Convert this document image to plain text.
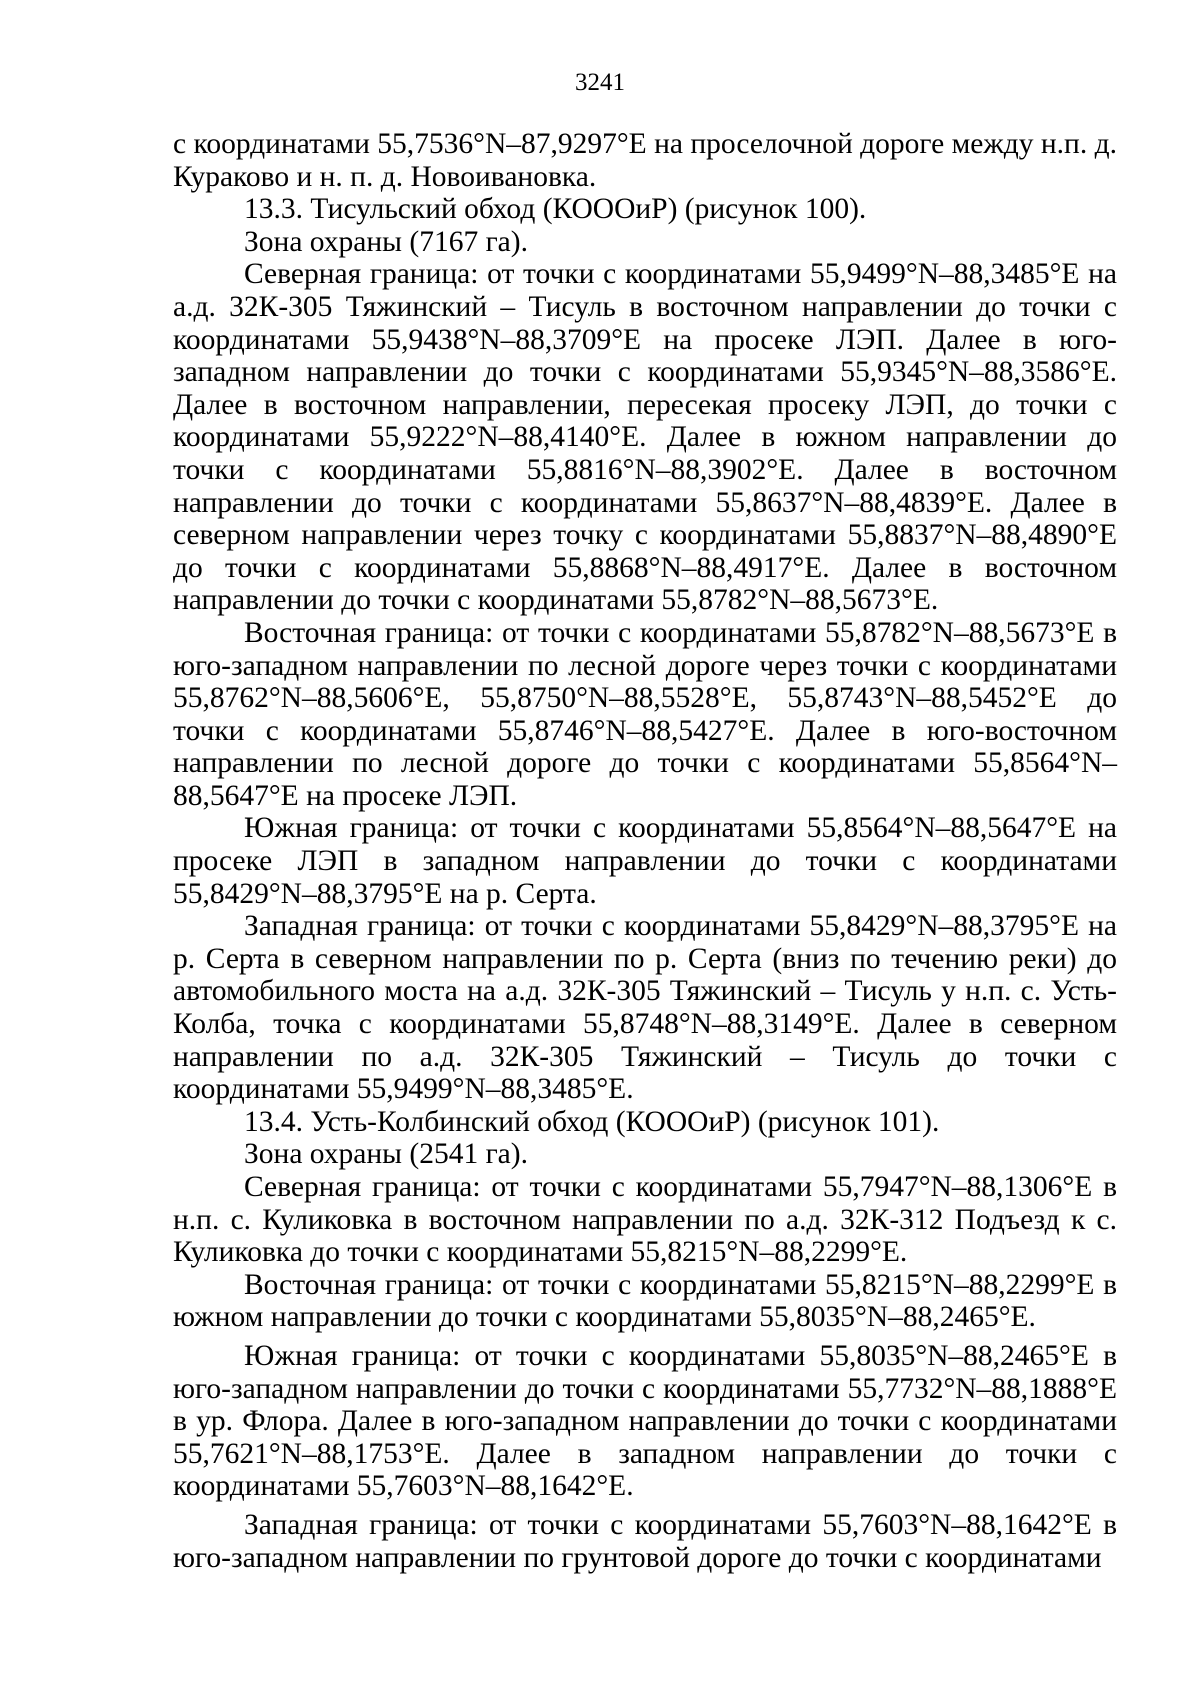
3241

с координатами 55,7536°N–87,9297°E на проселочной дороге между н.п. д. Кураково и н. п. д. Новоивановка.

13.3. Тисульский обход (КОООиР) (рисунок 100).

Зона охраны (7167 га).

Северная граница: от точки с координатами 55,9499°N–88,3485°E на а.д. 32К-305 Тяжинский – Тисуль в восточном направлении до точки с координатами 55,9438°N–88,3709°E на просеке ЛЭП. Далее в юго-западном направлении до точки с координатами 55,9345°N–88,3586°E. Далее в восточном направлении, пересекая просеку ЛЭП, до точки с координатами 55,9222°N–88,4140°E. Далее в южном направлении до точки с координатами 55,8816°N–88,3902°E. Далее в восточном направлении до точки с координатами 55,8637°N–88,4839°E. Далее в северном направлении через точку с координатами 55,8837°N–88,4890°E до точки с координатами 55,8868°N–88,4917°E. Далее в восточном направлении до точки с координатами 55,8782°N–88,5673°E.

Восточная граница: от точки с координатами 55,8782°N–88,5673°E в юго-западном направлении по лесной дороге через точки с координатами 55,8762°N–88,5606°E, 55,8750°N–88,5528°E, 55,8743°N–88,5452°E до точки с координатами 55,8746°N–88,5427°E. Далее в юго-восточном направлении по лесной дороге до точки с координатами 55,8564°N–88,5647°E на просеке ЛЭП.

Южная граница: от точки с координатами 55,8564°N–88,5647°E на просеке ЛЭП в западном направлении до точки с координатами 55,8429°N–88,3795°E на р. Серта.

Западная граница: от точки с координатами 55,8429°N–88,3795°E на р. Серта в северном направлении по р. Серта (вниз по течению реки) до автомобильного моста на а.д. 32К-305 Тяжинский – Тисуль у н.п. с. Усть-Колба, точка с координатами 55,8748°N–88,3149°E. Далее в северном направлении по а.д. 32К-305 Тяжинский – Тисуль до точки с координатами 55,9499°N–88,3485°E.

13.4. Усть-Колбинский обход (КОООиР) (рисунок 101).

Зона охраны (2541 га).

Северная граница: от точки с координатами 55,7947°N–88,1306°E в н.п. с. Куликовка в восточном направлении по а.д. 32К-312 Подъезд к с. Куликовка до точки с координатами 55,8215°N–88,2299°E.

Восточная граница: от точки с координатами 55,8215°N–88,2299°E в южном направлении до точки с координатами 55,8035°N–88,2465°E.

Южная граница: от точки с координатами 55,8035°N–88,2465°E в юго-западном направлении до точки с координатами 55,7732°N–88,1888°E в ур. Флора. Далее в юго-западном направлении до точки с координатами 55,7621°N–88,1753°E. Далее в западном направлении до точки с координатами 55,7603°N–88,1642°E.

Западная граница: от точки с координатами 55,7603°N–88,1642°E в юго-западном направлении по грунтовой дороге до точки с координатами
